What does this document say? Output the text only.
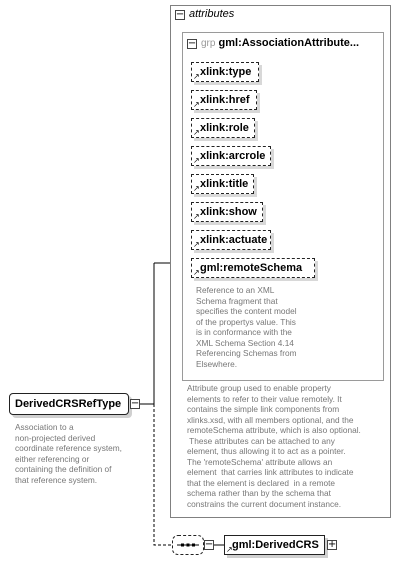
− attributes
− grp gml:AssociationAttribute...
↗ xlink:type
↗ xlink:href
↗ xlink:role
↗ xlink:arcrole
↗ xlink:title
↗ xlink:show
↗ xlink:actuate
↗ gml:remoteSchema
Reference to an XML
Schema fragment that
specifies the content model
of the propertys value. This
is in conformance with the
XML Schema Section 4.14
Referencing Schemas from
Elsewhere.
Attribute group used to enable property
elements to refer to their value remotely. It
contains the simple link components from
xlinks.xsd, with all members optional, and the
remoteSchema attribute, which is also optional.
These attributes can be attached to any
element, thus allowing it to act as a pointer.
The 'remoteSchema' attribute allows an
element  that carries link attributes to indicate
that the element is declared  in a remote
schema rather than by the schema that
constrains the current document instance.
DerivedCRSRefType −
Association to a
non-projected derived
coordinate reference system,
either referencing or
containing the definition of
that reference system.
− ↗ gml:DerivedCRS +
